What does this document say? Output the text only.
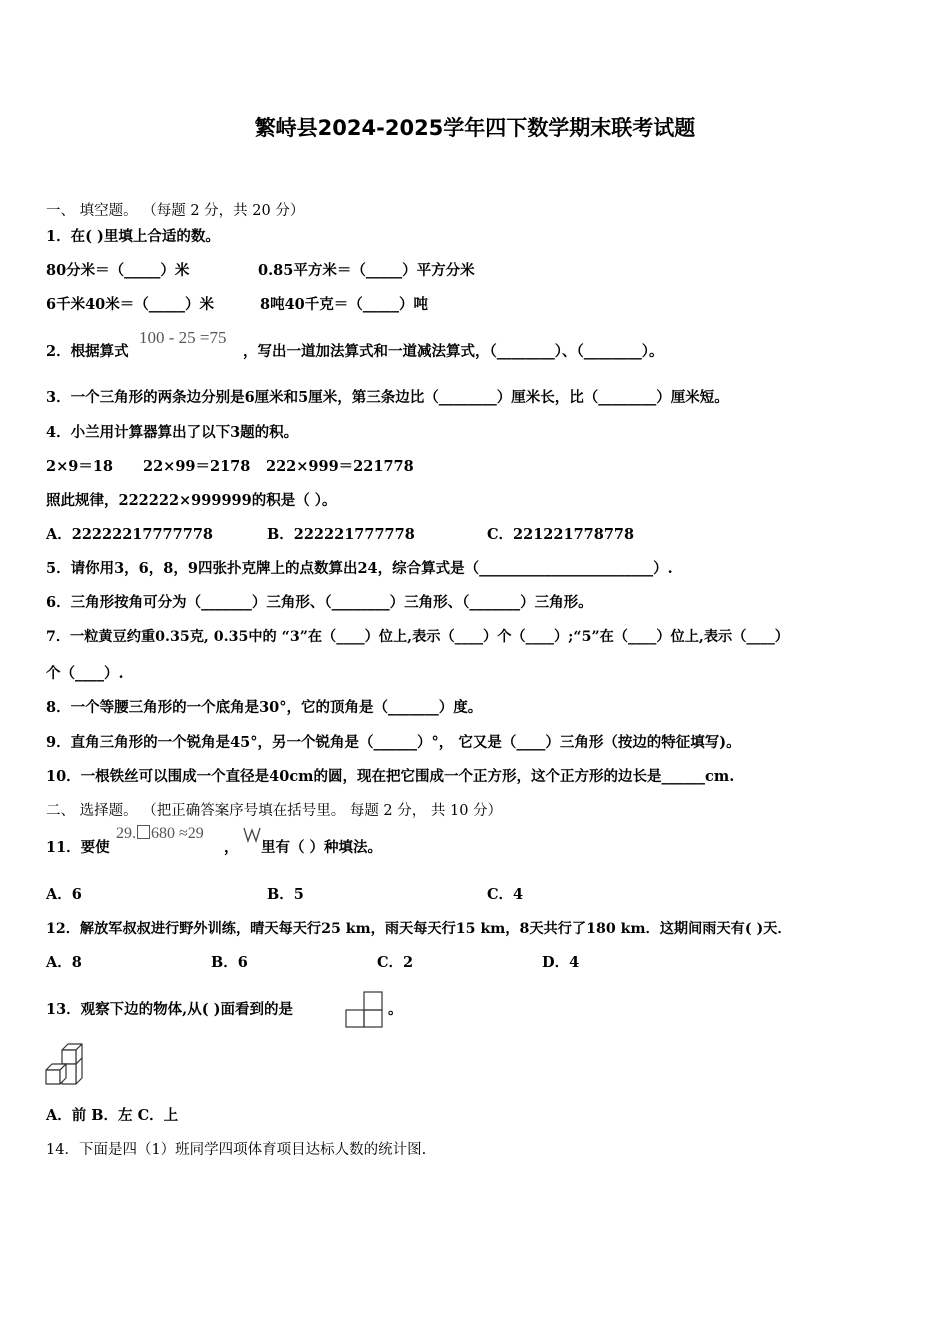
繁峙县2024-2025学年四下数学期末联考试题
一、 填空题。 （每题 2 分，共 20 分）
1．在( )里填上合适的数。
80分米＝（_____）米	0.85平方米＝（_____）平方分米
6千米40米＝（_____）米	8吨40千克＝（_____）吨
2．根据算式
100 - 25 =75
，写出一道加法算式和一道减法算式，（________）、（________）。
3．一个三角形的两条边分别是6厘米和5厘米，第三条边比（________）厘米长，比（________）厘米短。
4．小兰用计算器算出了以下3题的积。
2×9＝18 22×99＝2178 222×999＝221778
照此规律，222222×999999的积是（ ）。
A．22222217777778	B．222221777778	C．221221778778
5．请你用3，6，8，9四张扑克牌上的点数算出24，综合算式是（________________________）.
6．三角形按角可分为（_______）三角形、（________）三角形、（_______）三角形。
7．一粒黄豆约重0.35克, 0.35中的 “3”在（____）位上,表示（____）个（____）;“5”在（____）位上,表示（____）
个（____）.
8．一个等腰三角形的一个底角是30°，它的顶角是（_______）度。
9．直角三角形的一个锐角是45°，另一个锐角是（______）°， 它又是（____）三角形（按边的特征填写)。
10．一根铁丝可以围成一个直径是40cm的圆，现在把它围成一个正方形，这个正方形的边长是______cm.
二、 选择题。 （把正确答案序号填在括号里。 每题 2 分， 共 10 分）
11．要使
29. 680 ≈29
， 里有（ ）种填法。
A．6	B．5	C．4
12．解放军叔叔进行野外训练，晴天每天行25 km，雨天每天行15 km，8天共行了180 km．这期间雨天有( )天．
A．8	B．6	C．2	D．4
13．观察下边的物体,从( )面看到的是	。
A．前 B．左 C．上
14．下面是四（1）班同学四项体育项目达标人数的统计图.
